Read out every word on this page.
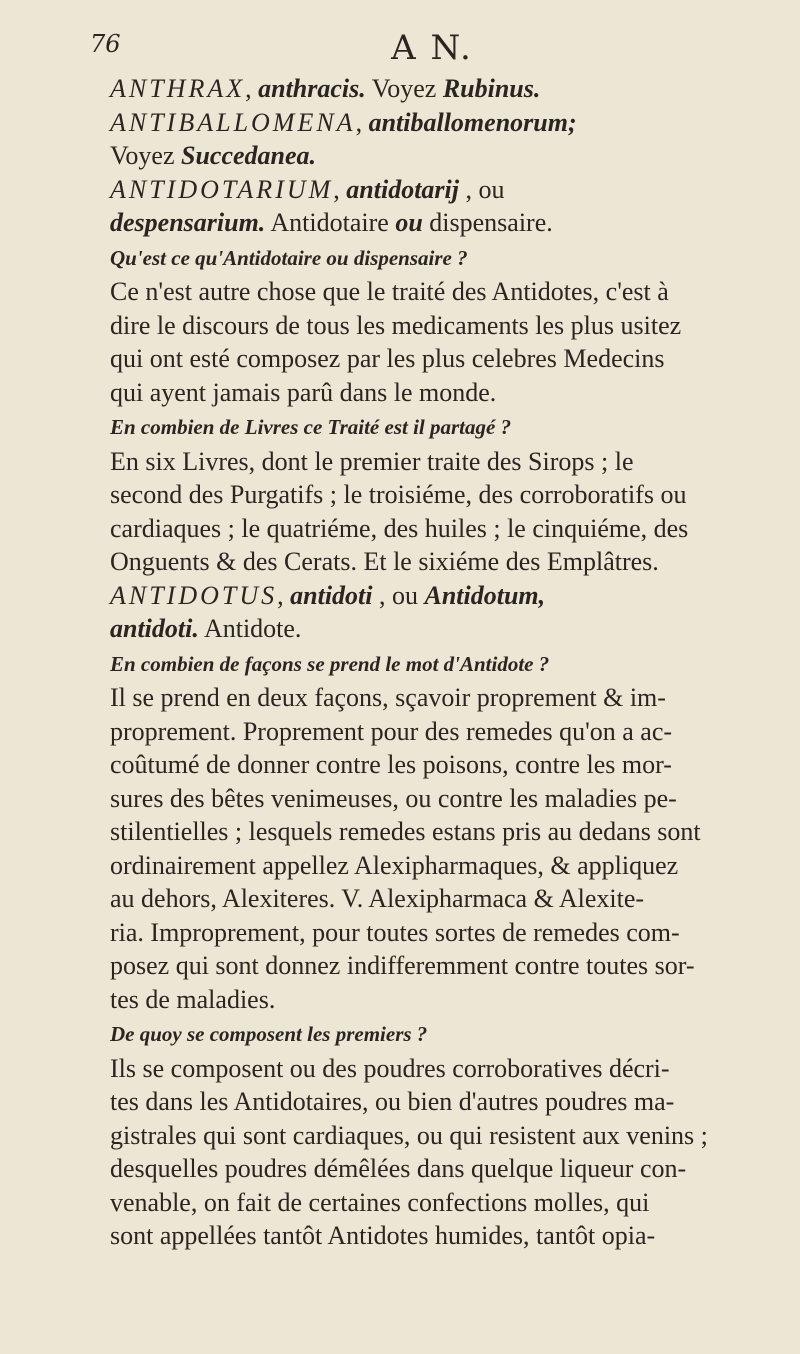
76	A N.
ANTHRAX, anthracis. Voyez Rubinus.
ANTIBALLOMENA, antiballomenorum;
Voyez Succedanea.
ANTIDOTARIUM, antidotarij , ou
despensarium. Antidotaire ou dispensaire.
Qu'est ce qu'Antidotaire ou dispensaire ?
Ce n'est autre chose que le traité des Antidotes, c'est à
dire le discours de tous les medicaments les plus usitez
qui ont esté composez par les plus celebres Medecins
qui ayent jamais parû dans le monde.
En combien de Livres ce Traité est il partagé ?
En six Livres, dont le premier traite des Sirops ; le
second des Purgatifs ; le troisiéme, des corroboratifs ou
cardiaques ; le quatriéme, des huiles ; le cinquiéme, des
Onguents & des Cerats. Et le sixiéme des Emplâtres.
ANTIDOTUS, antidoti , ou Antidotum,
antidoti. Antidote.
En combien de façons se prend le mot d'Antidote ?
Il se prend en deux façons, sçavoir proprement & im-
proprement. Proprement pour des remedes qu'on a ac-
coûtumé de donner contre les poisons, contre les mor-
sures des bêtes venimeuses, ou contre les maladies pe-
stilentielles ; lesquels remedes estans pris au dedans sont
ordinairement appellez Alexipharmaques, & appliquez
au dehors, Alexiteres. V. Alexipharmaca & Alexite-
ria. Improprement, pour toutes sortes de remedes com-
posez qui sont donnez indifferemment contre toutes sor-
tes de maladies.
De quoy se composent les premiers ?
Ils se composent ou des poudres corroboratives décri-
tes dans les Antidotaires, ou bien d'autres poudres ma-
gistrales qui sont cardiaques, ou qui resistent aux venins ;
desquelles poudres démêlées dans quelque liqueur con-
venable, on fait de certaines confections molles, qui
sont appellées tantôt Antidotes humides, tantôt opia-
